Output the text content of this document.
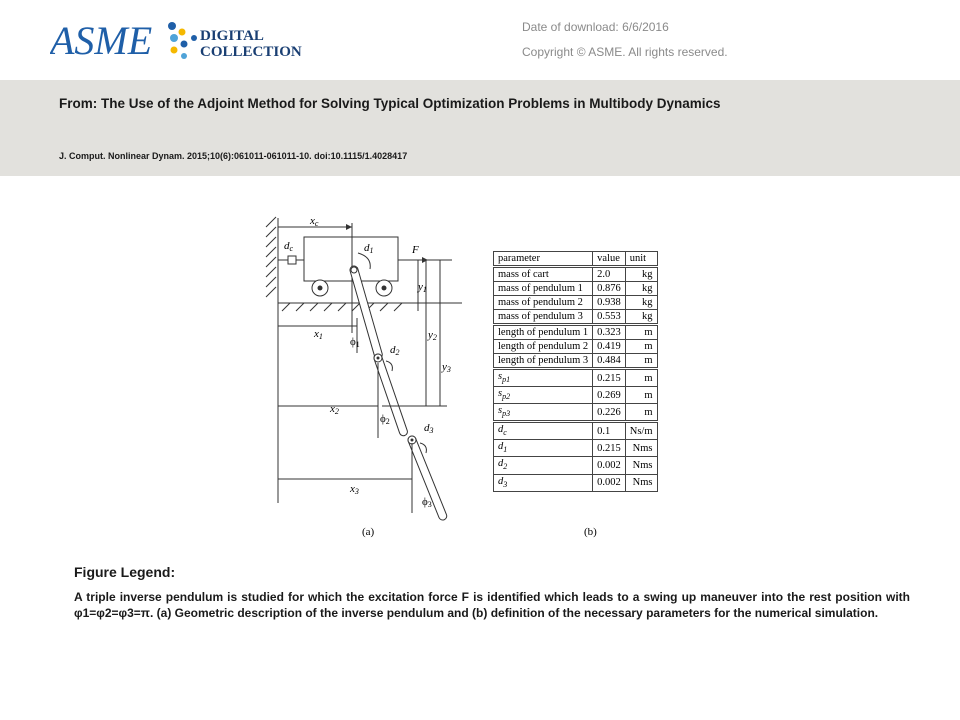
ASME	DIGITAL
COLLECTION
Date of download: 6/6/2016
Copyright © ASME. All rights reserved.
From: The Use of the Adjoint Method for Solving Typical Optimization Problems in Multibody Dynamics
J. Comput. Nonlinear Dynam. 2015;10(6):061011-061011-10. doi:10.1115/1.4028417
xc
dc	d1	F
y1
y2
y3
x1
x2
x3
ϕ1
ϕ2
ϕ3
d2
d3
(a)	(b)
parameter	value	unit
mass of cart	2.0	kg
mass of pendulum 1	0.876	kg
mass of pendulum 2	0.938	kg
mass of pendulum 3	0.553	kg
length of pendulum 1	0.323	m
length of pendulum 2	0.419	m
length of pendulum 3	0.484	m
$s_{p1}$	0.215	m
$s_{p2}$	0.269	m
$s_{p3}$	0.226	m
$d_c$	0.1	Ns/m
$d_1$	0.215	Nms
$d_2$	0.002	Nms
$d_3$	0.002	Nms
Figure Legend:
A triple inverse pendulum is studied for which the excitation force F is identified which leads to a swing up maneuver into the rest position with φ1=φ2=φ3=π. (a) Geometric description of the inverse pendulum and (b) definition of the necessary parameters for the numerical simulation.
